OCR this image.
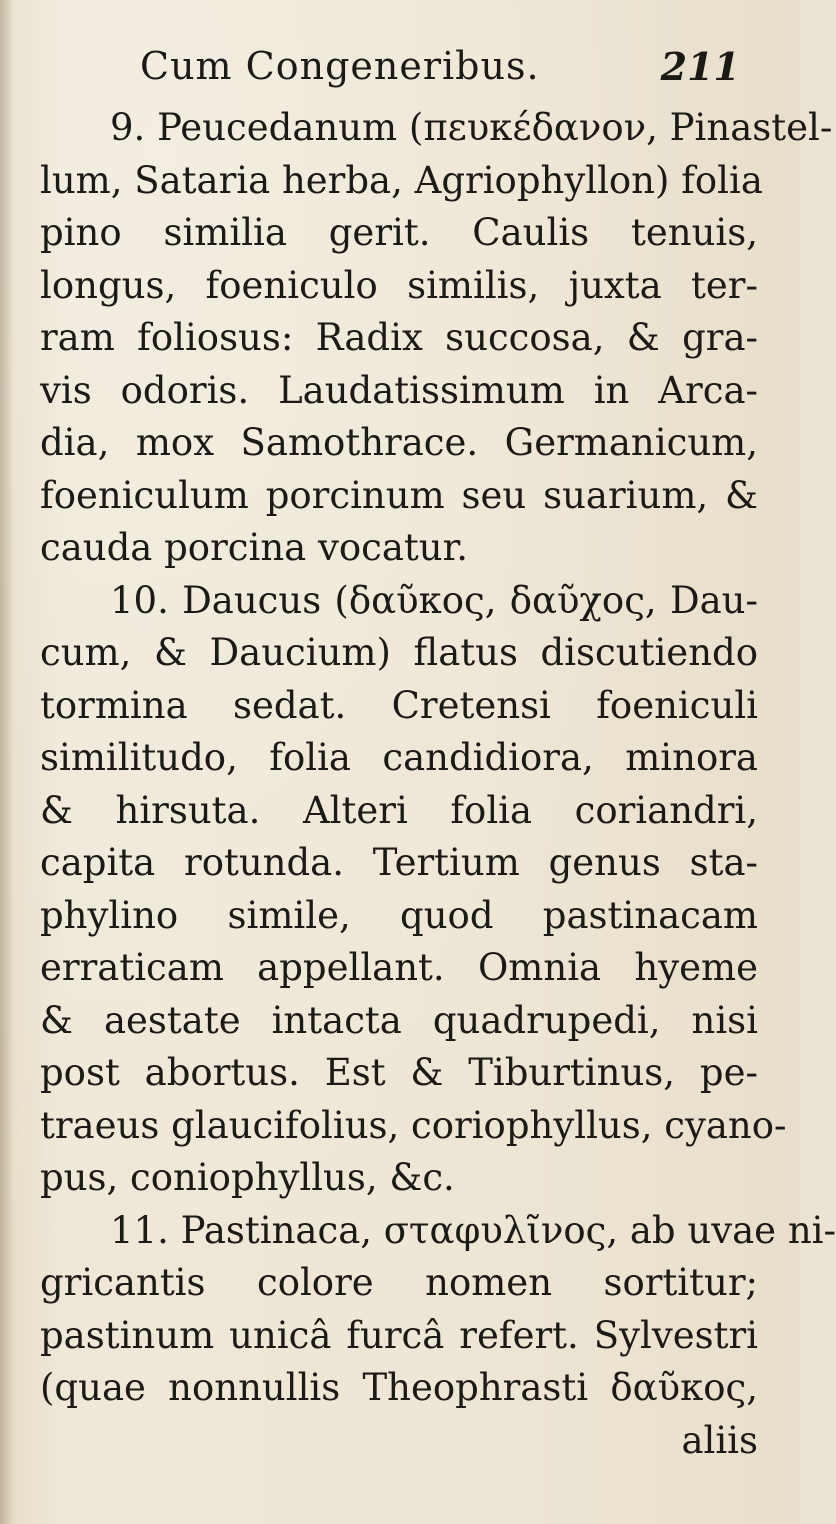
Cum Congeneribus.	211
9. Peucedanum (πευκέδανον, Pinastel-
lum, Sataria herba, Agriophyllon) folia
pino similia gerit. Caulis tenuis,
longus, foeniculo similis, juxta ter-
ram foliosus: Radix succosa, & gra-
vis odoris. Laudatissimum in Arca-
dia, mox Samothrace. Germanicum,
foeniculum porcinum seu suarium, &
cauda porcina vocatur.
10. Daucus (δαῦκος, δαῦχος, Dau-
cum, & Daucium) flatus discutiendo
tormina sedat. Cretensi foeniculi
similitudo, folia candidiora, minora
& hirsuta. Alteri folia coriandri,
capita rotunda. Tertium genus sta-
phylino simile, quod pastinacam
erraticam appellant. Omnia hyeme
& aestate intacta quadrupedi, nisi
post abortus. Est & Tiburtinus, pe-
traeus glaucifolius, coriophyllus, cyano-
pus, coniophyllus, &c.
11. Pastinaca, σταφυλῖνος, ab uvae ni-
gricantis colore nomen sortitur;
pastinum unicâ furcâ refert. Sylvestri
(quae nonnullis Theophrasti δαῦκος,
aliis
